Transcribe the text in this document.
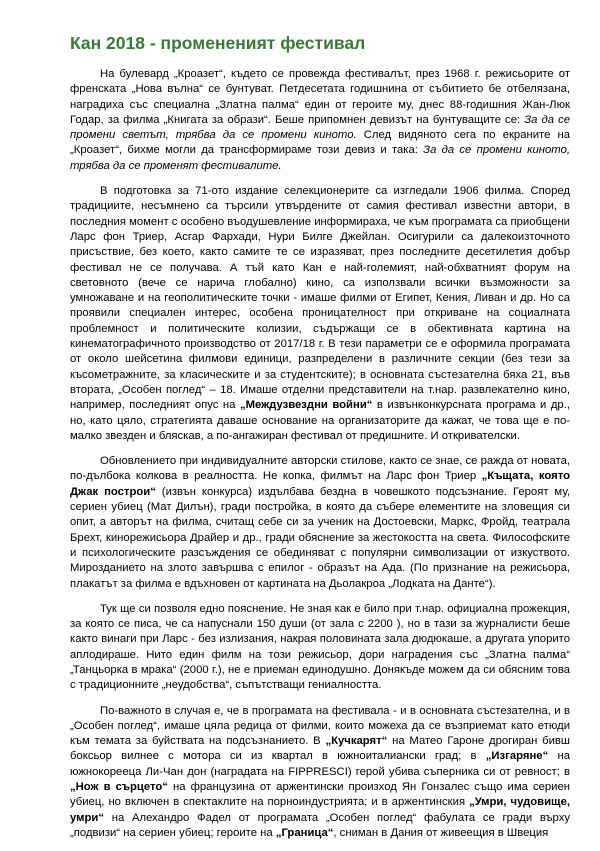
Кан 2018 - промененият фестивал

На булевард „Кроазет“, където се провежда фестивалът, през 1968 г. режисьорите от френската „Нова вълна“ се бунтуват. Петдесетата годишнина от събитието бе отбелязана, наградиха със специална „Златна палма“ един от героите му, днес 88-годишния Жан-Люк Годар, за филма „Книгата за образи“. Беше припомнен девизът на бунтуващите се: За да се промени светът, трябва да се промени киното. След видяното сега по екраните на „Кроазет“, бихме могли да трансформираме този девиз и така: За да се промени киното, трябва да се променят фестивалите.

В подготовка за 71-ото издание селекционерите са изгледали 1906 филма. Според традициите, несъмнено са търсили утвърдените от самия фестивал известни автори, в последния момент с особено въодушевление информираха, че към програмата са приобщени Ларс фон Триер, Асгар Фархади, Нури Билге Джейлан. Осигурили са далекоизточното присъствие, без което, както самите те се изразяват, през последните десетилетия добър фестивал не се получава. А тъй като Кан е най-големият, най-обхватният форум на световното (вече се нарича глобално) кино, са използвали всички възможности за умножаване и на геополитическите точки - имаше филми от Египет, Кения, Ливан и др. Но са проявили специален интерес, особена проницателност при откриване на социалната проблемност и политическите колизии, съдържащи се в обективната картина на кинематографичното производство от 2017/18 г. В тези параметри се е оформила програмата от около шейсетина филмови единици, разпределени в различните секции (без тези за късометражните, за класическите и за студентските); в основната състезателна бяха 21, във втората, „Особен поглед“ – 18. Имаше отделни представители на т.нар. развлекателно кино, например, последният опус на „Междузвездни войни“ в извънконкурсната програма и др., но, като цяло, стратегията даваше основание на организаторите да кажат, че това ще е по-малко звезден и бляскав, а по-ангажиран фестивал от предишните. И откривателски.

Обновлението при индивидуалните авторски стилове, както се знае, се ражда от новата, по-дълбока колкова в реалността. Не копка, филмът на Ларс фон Триер „Къщата, която Джак построи“ (извън конкурса) издълбава бездна в човешкото подсъзнание. Героят му, сериен убиец (Мат Дилън), гради постройка, в която да събере елементите на зловещия си опит, а авторът на филма, считащ себе си за ученик на Достоевски, Маркс, Фройд, театрала Брехт, кинорежисьора Драйер и др., гради обяснение за жестокостта на света. Философските и психологическите разсъждения се обединяват с популярни символизации от изкуството. Мирозданието на злото завършва с епилог - образът на Ада. (По признание на режисьора, плакатът за филма е вдъхновен от картината на Дьолакроа „Лодката на Данте“).

Тук ще си позволя едно пояснение. Не зная как е било при т.нар. официална прожекция, за която се писа, че са напуснали 150 души (от зала с 2200 ), но в тази за журналисти беше както винаги при Ларс - без излизания, накрая половината зала дюдюкаше, а другата упорито аплодираше. Нито един филм на този режисьор, дори наградения със „Златна палма“ „Танцьорка в мрака“ (2000 г.), не е приеман единодушно. Донякъде можем да си обясним това с традиционните „неудобства“, съпътстващи гениалността.

По-важното в случая е, че в програмата на фестивала - и в основната състезателна, и в „Особен поглед“, имаше цяла редица от филми, които можеха да се възприемат като етюди към темата за буйствата на подсъзнанието. В „Кучкарят“ на Матео Гароне дрогиран бивш боксьор вилнее с мотора си из квартал в южноиталиански град; в „Изгаряне“ на южнокорееца Ли-Чан дон (наградата на FIPPRESCI) герой убива съперника си от ревност; в „Нож в сърцето“ на французина от аржентински произход Ян Гонзалес също има сериен убиец, но включен в спектаклите на порноиндустрията; и в аржентинския „Умри, чудовище, умри“ на Алехандро Фадел от програмата „Особен поглед“ фабулата се гради върху „подвизи“ на сериен убиец; героите на „Граница“, сниман в Дания от живеещия в Швеция
